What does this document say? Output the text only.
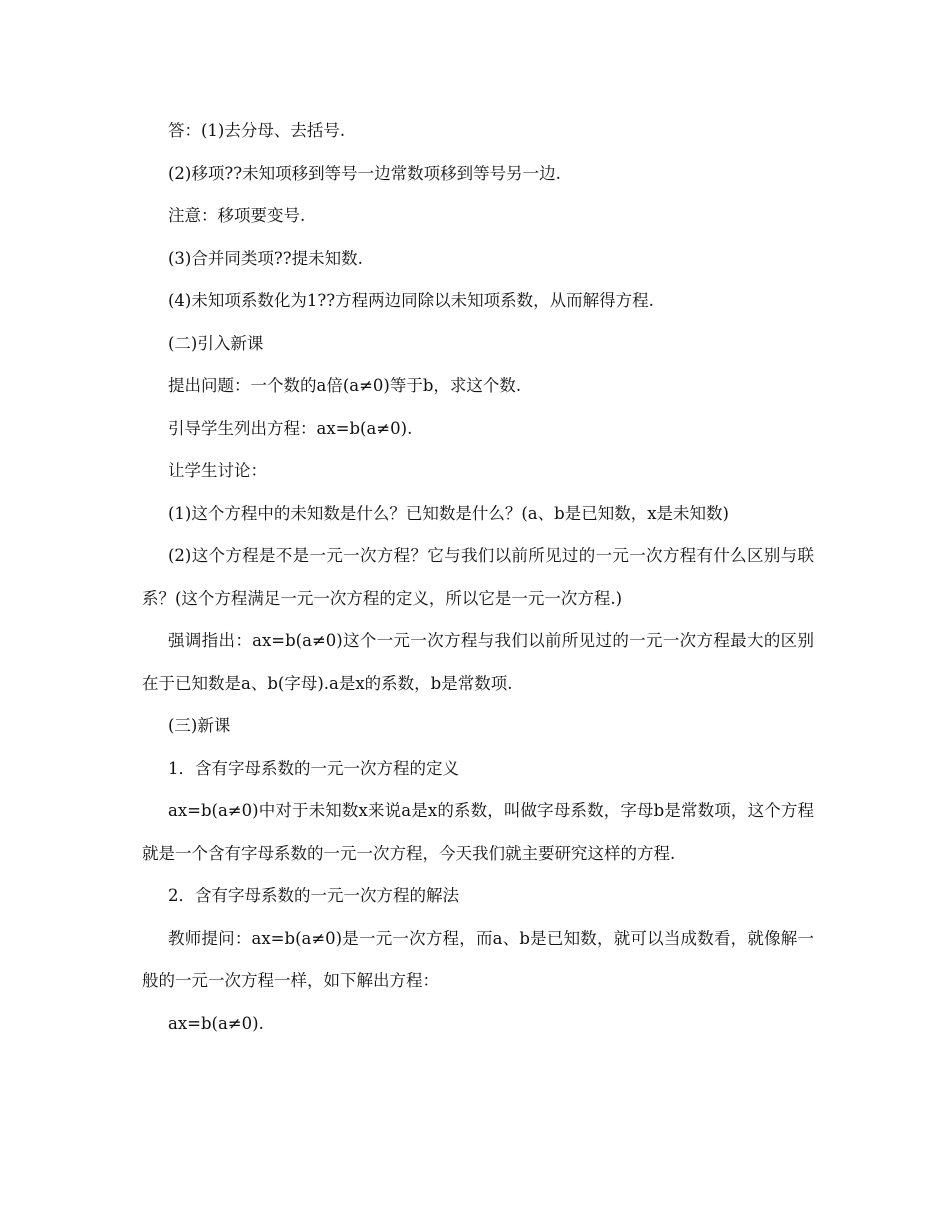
答：(1)去分母、去括号.

(2)移项??未知项移到等号一边常数项移到等号另一边.

注意：移项要变号.

(3)合并同类项??提未知数.

(4)未知项系数化为1??方程两边同除以未知项系数，从而解得方程.

(二)引入新课

提出问题：一个数的a倍(a≠0)等于b，求这个数.

引导学生列出方程：ax=b(a≠0).

让学生讨论：

(1)这个方程中的未知数是什么？已知数是什么？(a、b是已知数，x是未知数)

(2)这个方程是不是一元一次方程？它与我们以前所见过的一元一次方程有什么区别与联系？(这个方程满足一元一次方程的定义，所以它是一元一次方程.)

强调指出：ax=b(a≠0)这个一元一次方程与我们以前所见过的一元一次方程最大的区别在于已知数是a、b(字母).a是x的系数，b是常数项.

(三)新课

1．含有字母系数的一元一次方程的定义

ax=b(a≠0)中对于未知数x来说a是x的系数，叫做字母系数，字母b是常数项，这个方程就是一个含有字母系数的一元一次方程，今天我们就主要研究这样的方程.

2．含有字母系数的一元一次方程的解法

教师提问：ax=b(a≠0)是一元一次方程，而a、b是已知数，就可以当成数看，就像解一般的一元一次方程一样，如下解出方程：

ax=b(a≠0).
